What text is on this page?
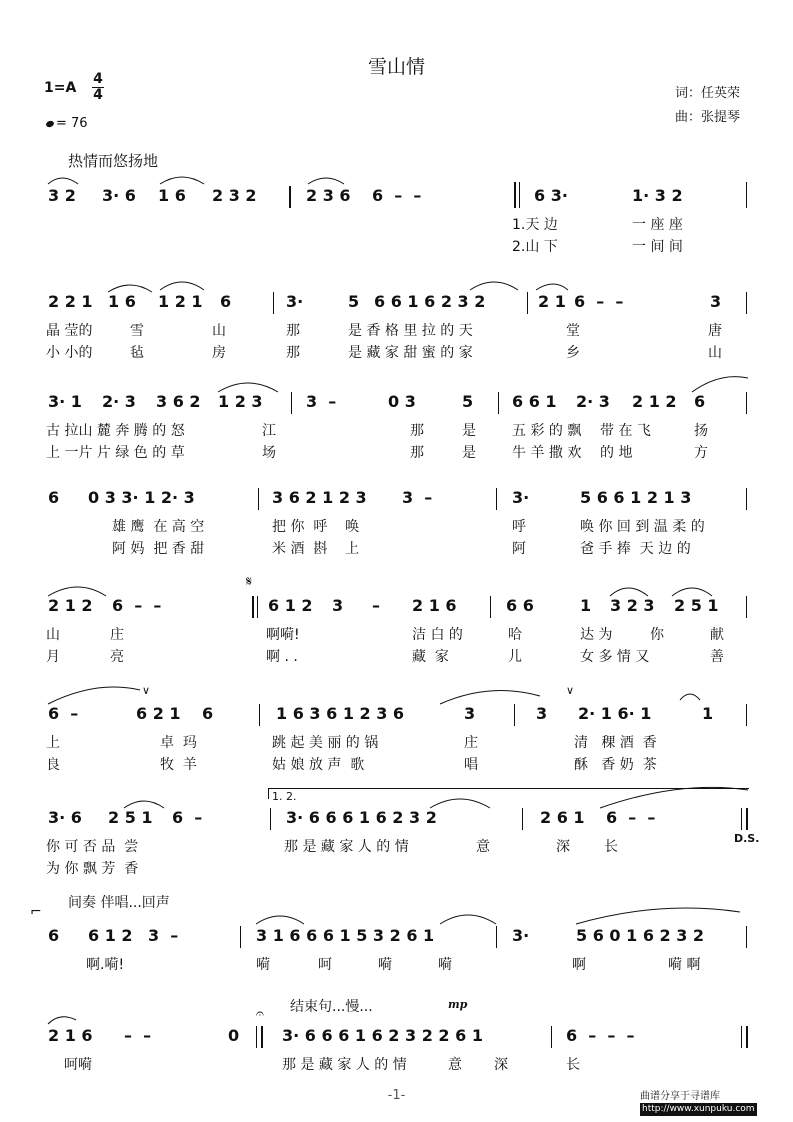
雪山情
1=A
4
4
= 76
词：任英荣
曲：张提琴
热情而悠扬地
3 2 3· 6 1 6 2 3 2	2 3 6 6  –  –	6 3·	1· 3 2
1.天 边	一 座 座
2.山 下	一 间 间
2 2 1 1 6 1 2 1 6	3·	5 6 6 1 6 2 3 2	2 1 6  –  –	3
晶 莹的	雪	山	那	是 香 格 里 拉 的 天	堂	唐
小 小的	毡	房	那	是 藏 家 甜 蜜 的 家	乡	山
3· 1 2· 3 3 6 2 1 2 3	3  –	0 3	5 6 6 1 2· 3 2 1 2 6
古 拉山 麓 奔 腾 的 怒	江	那	是	五 彩 的 飘 带 在 飞	扬
上 一片 片 绿 色 的 草	场	那	是	牛 羊 撒 欢 的 地	方
6 0 3 3· 1 2· 3	3 6 2 1 2 3 3  –	3·	5 6 6 1 2 1 3
雄 鹰  在 高 空	把 你  呼    唤	呼	唤 你 回 到 温 柔 的
阿 妈  把 香 甜	米 酒  斟    上	阿	爸 手 捧  天 边 的
2 1 2 6  –  –	6 1 2 3 – 2 1 6	6 6	1 3 2 3 2 5 1
山	庄	啊嗬!	洁 白 的	哈	达 为	你	献
月	亮	啊 . .	藏  家	儿	女 多 情 又	善
𝄋
6  –	6 2 1 6	1 6 3 6 1 2 3 6	3	3 2· 1 6· 1	1
上	卓  玛	跳 起 美 丽 的 锅	庄	清   稞 酒  香
良	牧  羊	姑 娘 放 声  歌	唱	酥   香 奶  茶
∨	∨
1. 2.
3· 6 2 5 1 6  –	3· 6 6 6 1 6 2 3 2	2 6 1 6  –  –
你 可 否 品  尝	那 是 藏 家 人 的 情	意	深 长
为 你 飘 芳  香
D.S.
间奏 伴唱...回声
6 6 1 2 3  –	3 1 6 6 6 1 5 3 2 6 1	3·	5 6 0 1 6 2 3 2
啊.嗬!	嗬	呵	嗬	嗬	啊	嗬 啊
⌐
结束句...慢...	mp
2 1 6 –  –	0	3· 6 6 6 1 6 2 3 2 2 6 1	6  –  –  –
呵嗬	那 是 藏 家 人 的 情	意 深	长
𝄐
-1-	曲谱分享于寻谱库
http://www.xunpuku.com
